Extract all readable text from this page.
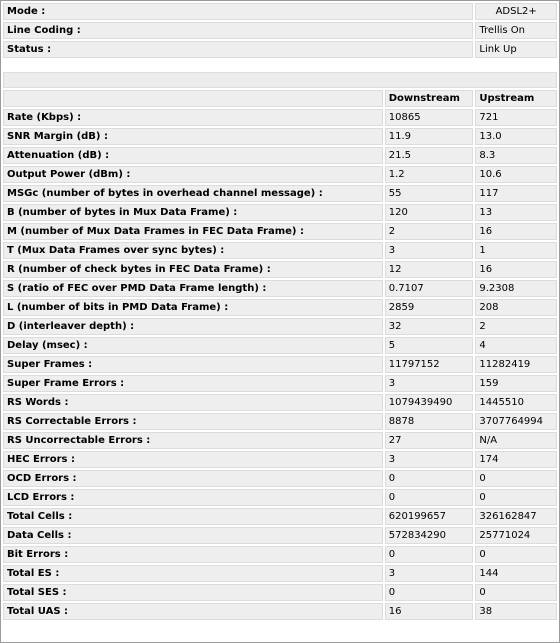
Mode :		ADSL2+
Line Coding :		Trellis On
Status :		Link Up

	Downstream	Upstream
Rate (Kbps) :	10865	721
SNR Margin (dB) :	11.9	13.0
Attenuation (dB) :	21.5	8.3
Output Power (dBm) :	1.2	10.6
MSGc (number of bytes in overhead channel message) :	55	117
B (number of bytes in Mux Data Frame) :	120	13
M (number of Mux Data Frames in FEC Data Frame) :	2	16
T (Mux Data Frames over sync bytes) :	3	1
R (number of check bytes in FEC Data Frame) :	12	16
S (ratio of FEC over PMD Data Frame length) :	0.7107	9.2308
L (number of bits in PMD Data Frame) :	2859	208
D (interleaver depth) :	32	2
Delay (msec) :	5	4
Super Frames :	11797152	11282419
Super Frame Errors :	3	159
RS Words :	1079439490	1445510
RS Correctable Errors :	8878	3707764994
RS Uncorrectable Errors :	27	N/A
HEC Errors :	3	174
OCD Errors :	0	0
LCD Errors :	0	0
Total Cells :	620199657	326162847
Data Cells :	572834290	25771024
Bit Errors :	0	0
Total ES :	3	144
Total SES :	0	0
Total UAS :	16	38
